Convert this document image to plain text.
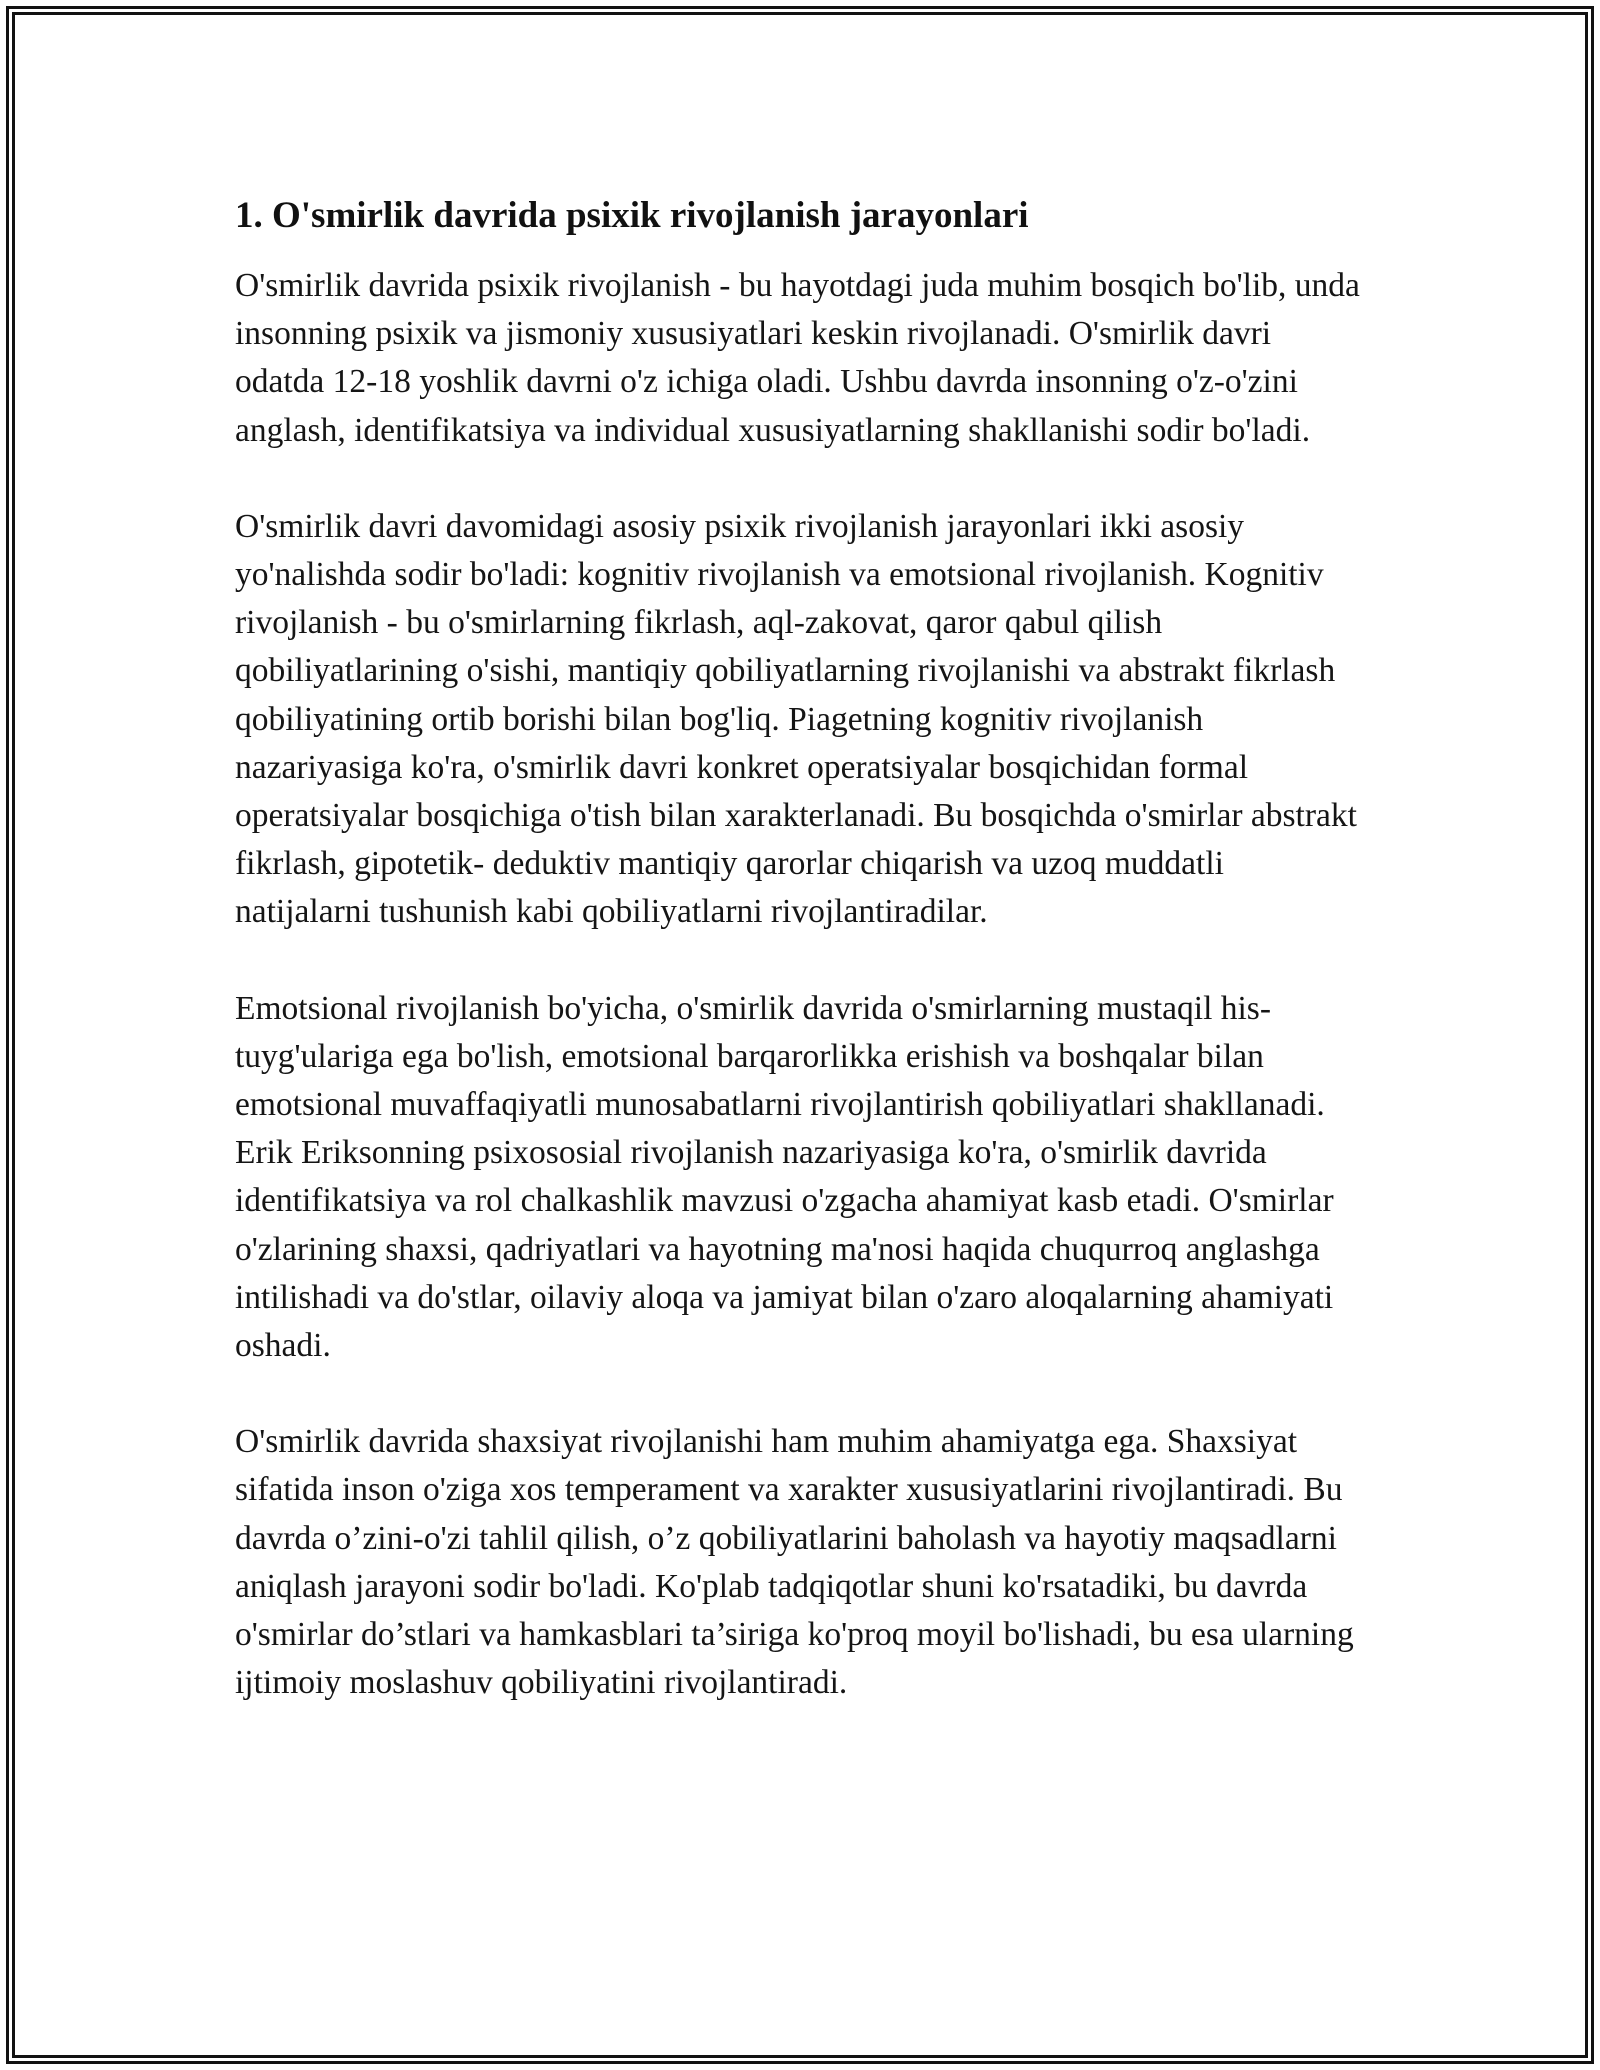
1. O'smirlik davrida psixik rivojlanish jarayonlari

O'smirlik davrida psixik rivojlanish - bu hayotdagi juda muhim bosqich bo'lib, unda insonning psixik va jismoniy xususiyatlari keskin rivojlanadi. O'smirlik davri odatda 12-18 yoshlik davrni o'z ichiga oladi. Ushbu davrda insonning o'z-o'zini anglash, identifikatsiya va individual xususiyatlarning shakllanishi sodir bo'ladi.

O'smirlik davri davomidagi asosiy psixik rivojlanish jarayonlari ikki asosiy yo'nalishda sodir bo'ladi: kognitiv rivojlanish va emotsional rivojlanish. Kognitiv rivojlanish - bu o'smirlarning fikrlash, aql-zakovat, qaror qabul qilish qobiliyatlarining o'sishi, mantiqiy qobiliyatlarning rivojlanishi va abstrakt fikrlash qobiliyatining ortib borishi bilan bog'liq. Piagetning kognitiv rivojlanish nazariyasiga ko'ra, o'smirlik davri konkret operatsiyalar bosqichidan formal operatsiyalar bosqichiga o'tish bilan xarakterlanadi. Bu bosqichda o'smirlar abstrakt fikrlash, gipotetik- deduktiv mantiqiy qarorlar chiqarish va uzoq muddatli natijalarni tushunish kabi qobiliyatlarni rivojlantiradilar.

Emotsional rivojlanish bo'yicha, o'smirlik davrida o'smirlarning mustaqil his-tuyg'ulariga ega bo'lish, emotsional barqarorlikka erishish va boshqalar bilan emotsional muvaffaqiyatli munosabatlarni rivojlantirish qobiliyatlari shakllanadi. Erik Eriksonning psixososial rivojlanish nazariyasiga ko'ra, o'smirlik davrida identifikatsiya va rol chalkashlik mavzusi o'zgacha ahamiyat kasb etadi. O'smirlar o'zlarining shaxsi, qadriyatlari va hayotning ma'nosi haqida chuqurroq anglashga intilishadi va do'stlar, oilaviy aloqa va jamiyat bilan o'zaro aloqalarning ahamiyati oshadi.

O'smirlik davrida shaxsiyat rivojlanishi ham muhim ahamiyatga ega. Shaxsiyat sifatida inson o'ziga xos temperament va xarakter xususiyatlarini rivojlantiradi. Bu davrda o’zini-o'zi tahlil qilish, o’z qobiliyatlarini baholash va hayotiy maqsadlarni aniqlash jarayoni sodir bo'ladi. Ko'plab tadqiqotlar shuni ko'rsatadiki, bu davrda o'smirlar do’stlari va hamkasblari ta’siriga ko'proq moyil bo'lishadi, bu esa ularning ijtimoiy moslashuv qobiliyatini rivojlantiradi.
